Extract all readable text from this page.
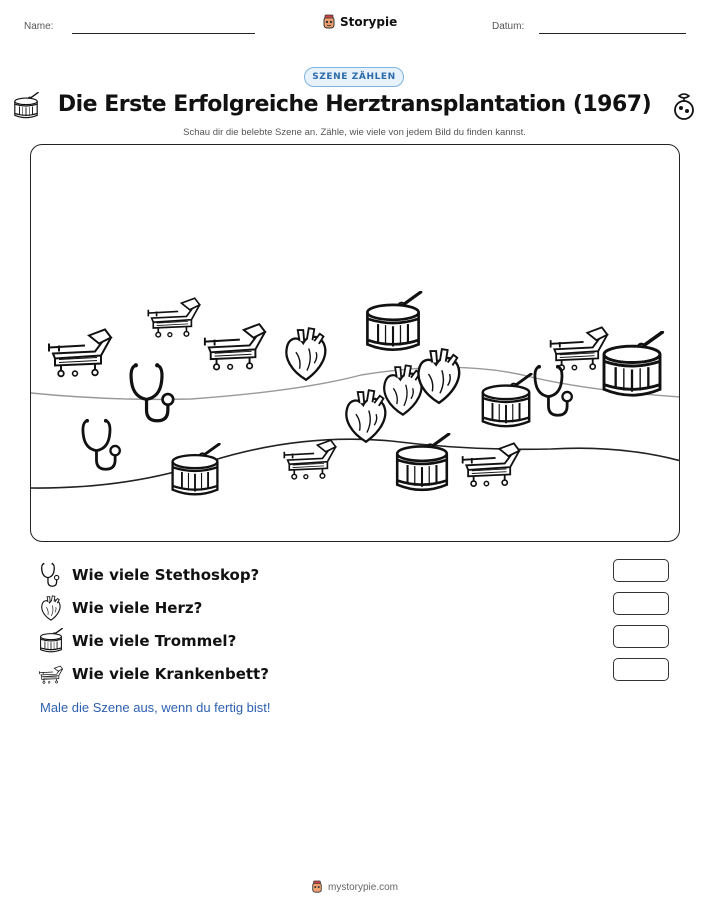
Name:	Storypie	Datum:
SZENE ZÄHLEN
Die Erste Erfolgreiche Herztransplantation (1967)
Schau dir die belebte Szene an. Zähle, wie viele von jedem Bild du finden kannst.
Wie viele Stethoskop?
Wie viele Herz?
Wie viele Trommel?
Wie viele Krankenbett?
Male die Szene aus, wenn du fertig bist!
mystorypie.com
